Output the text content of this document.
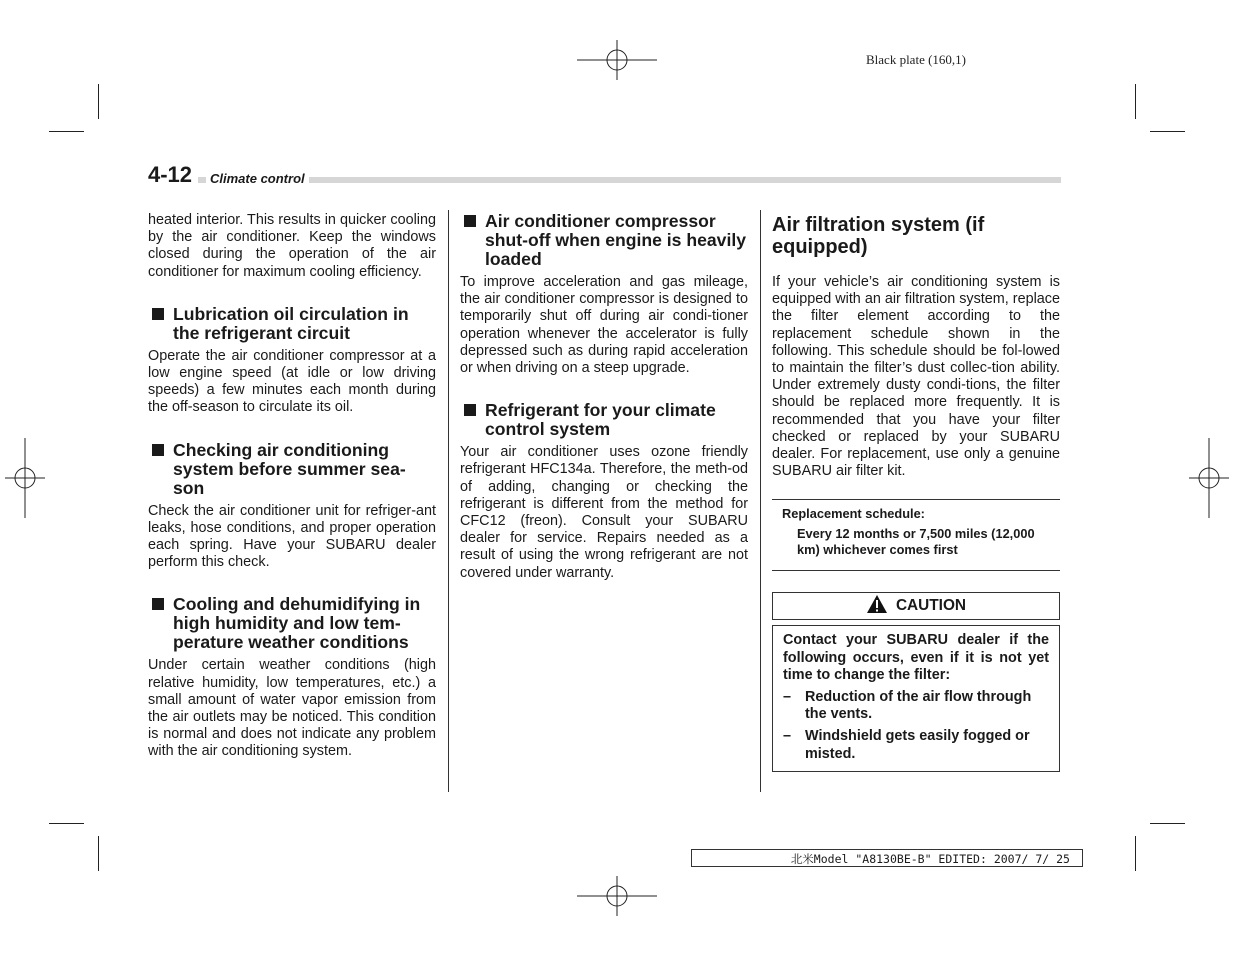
Black plate (160,1)
4-12	Climate control

heated interior. This results in quicker cooling by the air conditioner. Keep the windows closed during the operation of the air conditioner for maximum cooling efficiency.

Lubrication oil circulation in the refrigerant circuit

Operate the air conditioner compressor at a low engine speed (at idle or low driving speeds) a few minutes each month during the off-season to circulate its oil.

Checking air conditioning system before summer sea-son

Check the air conditioner unit for refriger-ant leaks, hose conditions, and proper operation each spring. Have your SUBARU dealer perform this check.

Cooling and dehumidifying in high humidity and low tem-perature weather conditions

Under certain weather conditions (high relative humidity, low temperatures, etc.) a small amount of water vapor emission from the air outlets may be noticed. This condition is normal and does not indicate any problem with the air conditioning system.

Air conditioner compressor shut-off when engine is heavily loaded

To improve acceleration and gas mileage, the air conditioner compressor is designed to temporarily shut off during air condi-tioner operation whenever the accelerator is fully depressed such as during rapid acceleration or when driving on a steep upgrade.

Refrigerant for your climate control system

Your air conditioner uses ozone friendly refrigerant HFC134a. Therefore, the meth-od of adding, changing or checking the refrigerant is different from the method for CFC12 (freon). Consult your SUBARU dealer for service. Repairs needed as a result of using the wrong refrigerant are not covered under warranty.

Air filtration system (if equipped)

If your vehicle’s air conditioning system is equipped with an air filtration system, replace the filter element according to the replacement schedule shown in the following. This schedule should be fol-lowed to maintain the filter’s dust collec-tion ability. Under extremely dusty condi-tions, the filter should be replaced more frequently. It is recommended that you have your filter checked or replaced by your SUBARU dealer. For replacement, use only a genuine SUBARU air filter kit.

Replacement schedule:
Every 12 months or 7,500 miles (12,000 km) whichever comes first
CAUTION

Contact your SUBARU dealer if the following occurs, even if it is not yet time to change the filter:

– Reduction of the air flow through the vents.
– Windshield gets easily fogged or misted.
北米Model "A8130BE-B" EDITED: 2007/ 7/ 25
